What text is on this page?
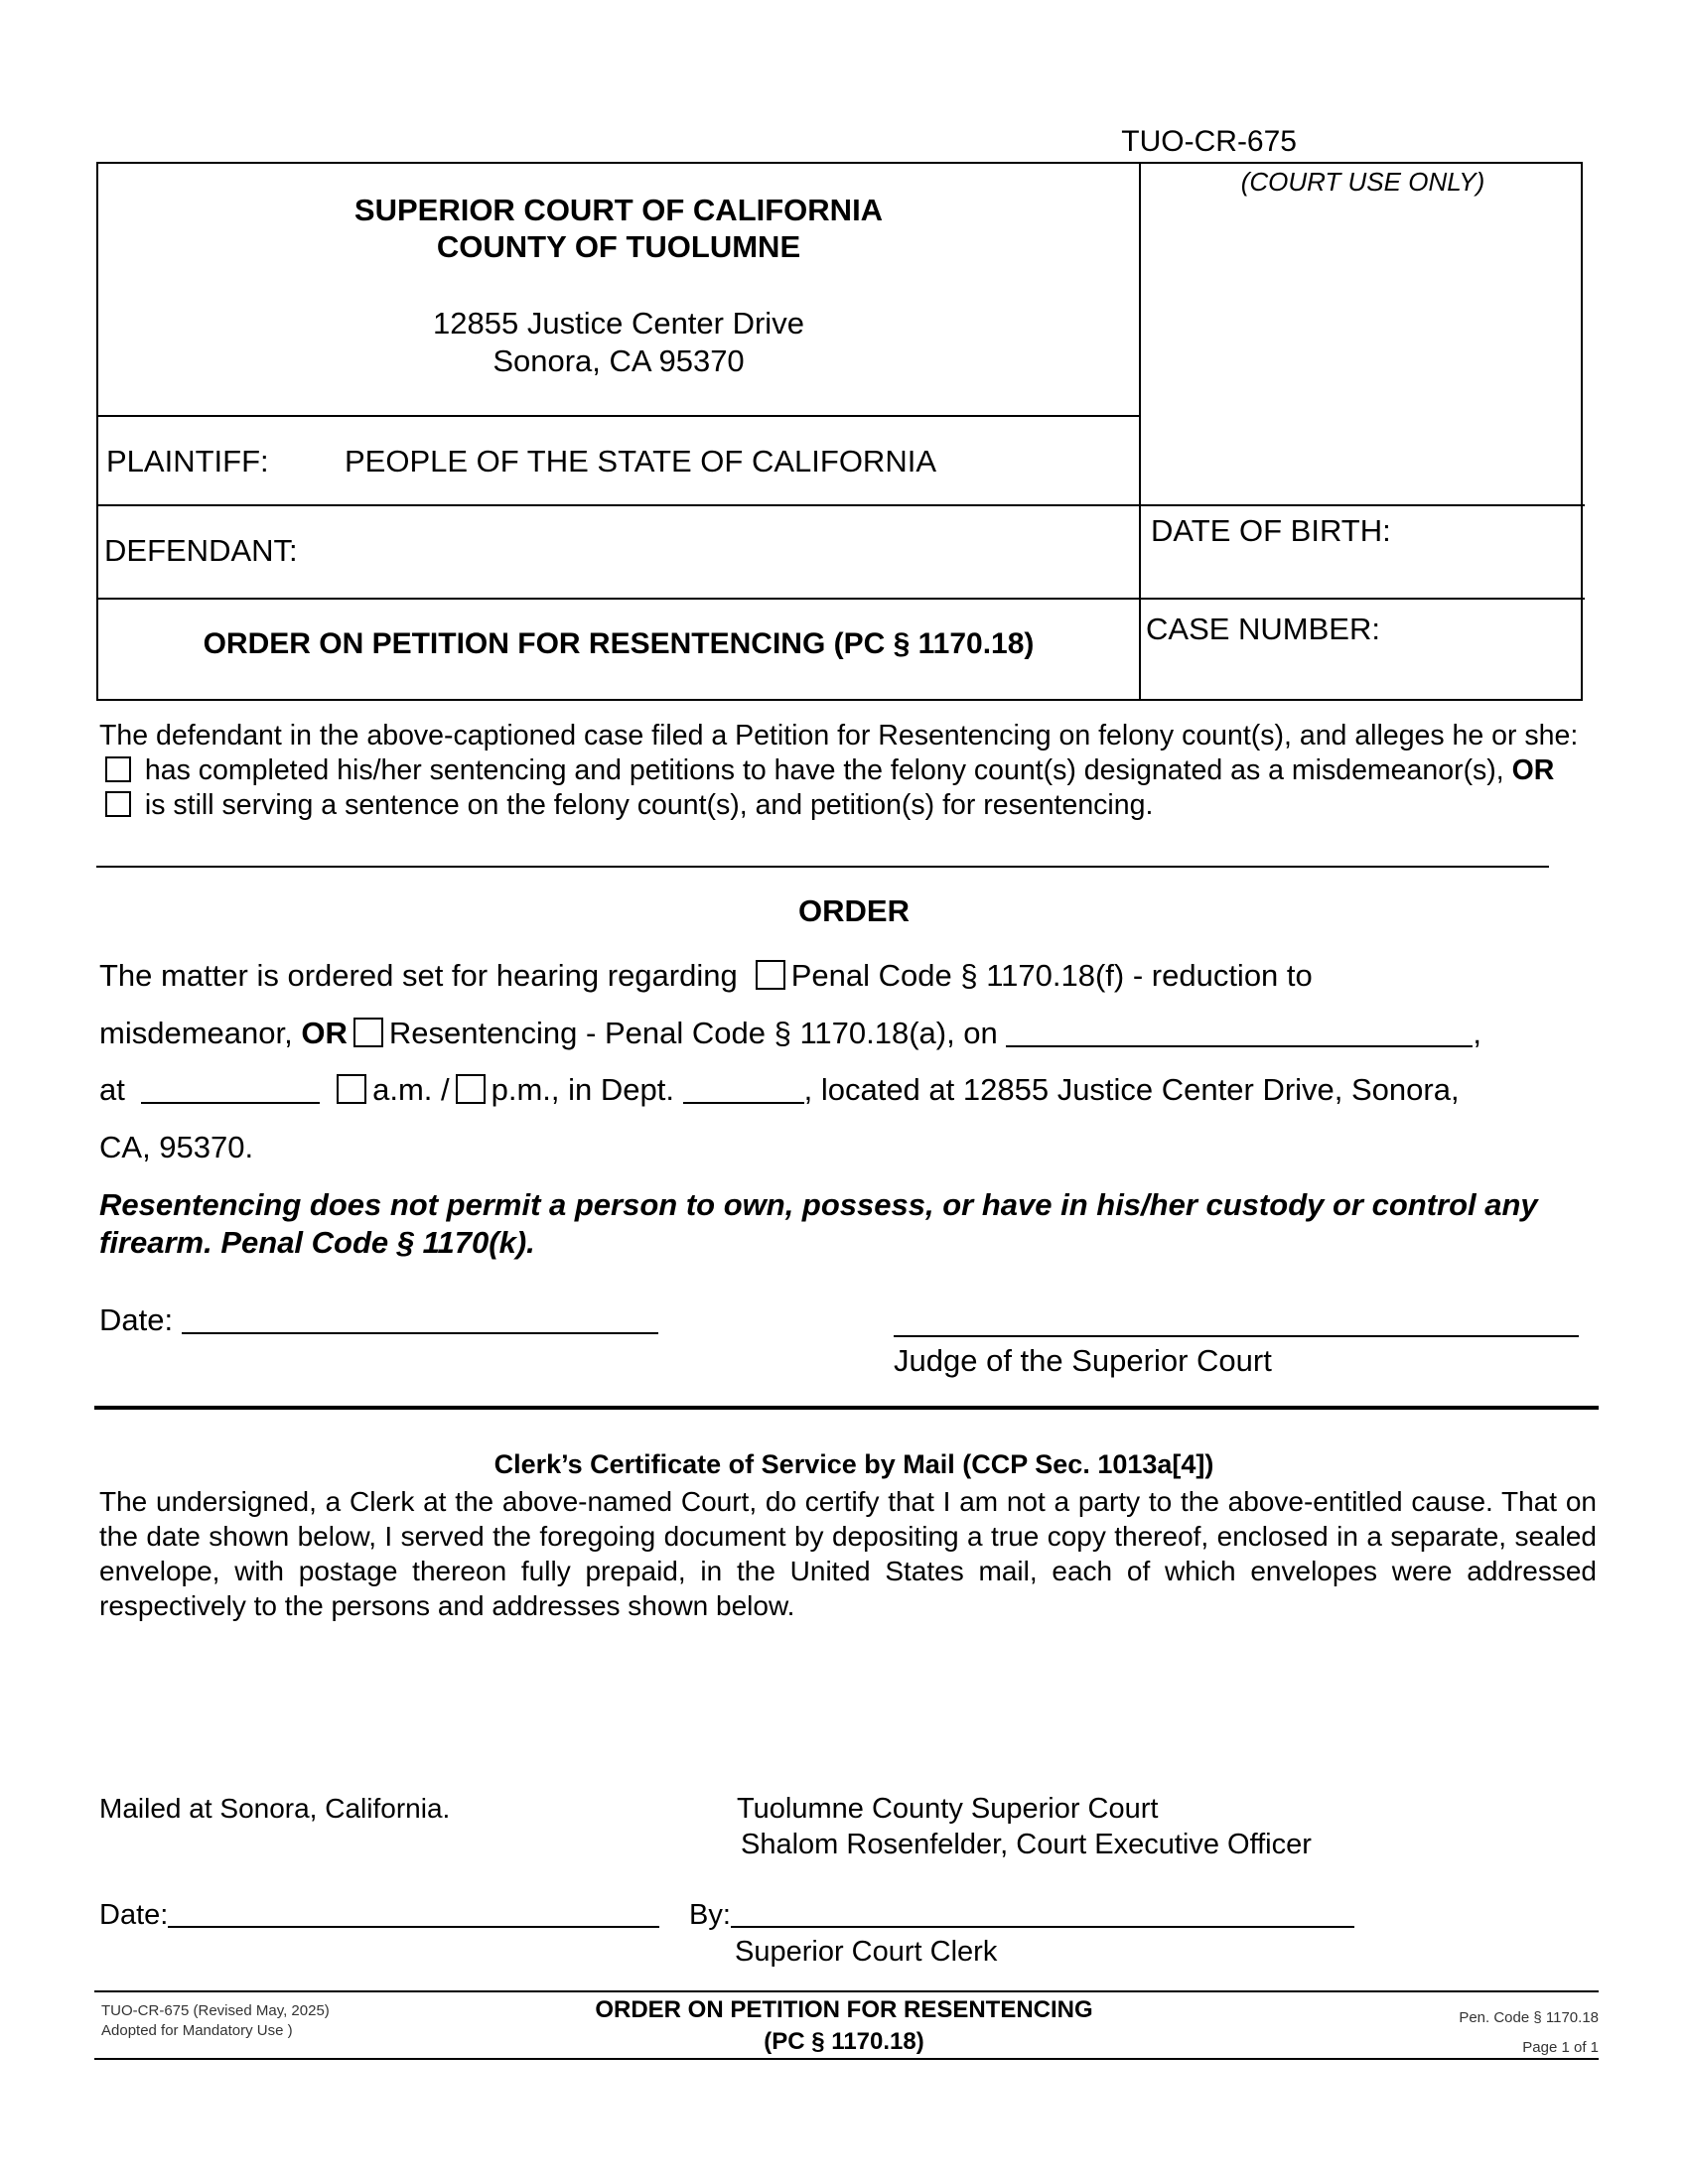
TUO-CR-675
SUPERIOR COURT OF CALIFORNIA
COUNTY OF TUOLUMNE
12855 Justice Center Drive
Sonora, CA 95370
(COURT USE ONLY)
PLAINTIFF: PEOPLE OF THE STATE OF CALIFORNIA
DEFENDANT:
DATE OF BIRTH:
ORDER ON PETITION FOR RESENTENCING (PC § 1170.18)	CASE NUMBER:
The defendant in the above-captioned case filed a Petition for Resentencing on felony count(s), and alleges he or she: has completed his/her sentencing and petitions to have the felony count(s) designated as a misdemeanor(s), OR is still serving a sentence on the felony count(s), and petition(s) for resentencing.
ORDER
The matter is ordered set for hearing regarding Penal Code § 1170.18(f) - reduction to
misdemeanor, OR Resentencing - Penal Code § 1170.18(a), on	,
at	a.m. / p.m., in Dept.	, located at 12855 Justice Center Drive, Sonora,
CA, 95370.
Resentencing does not permit a person to own, possess, or have in his/her custody or control any firearm. Penal Code § 1170(k).
Date:
Judge of the Superior Court
Clerk’s Certificate of Service by Mail (CCP Sec. 1013a[4])
The undersigned, a Clerk at the above-named Court, do certify that I am not a party to the above-entitled cause. That on the date shown below, I served the foregoing document by depositing a true copy thereof, enclosed in a separate, sealed envelope, with postage thereon fully prepaid, in the United States mail, each of which envelopes were addressed respectively to the persons and addresses shown below.
Mailed at Sonora, California.	Tuolumne County Superior Court
Shalom Rosenfelder, Court Executive Officer
Date:	By:
Superior Court Clerk
TUO-CR-675 (Revised May, 2025)
Adopted for Mandatory Use )
ORDER ON PETITION FOR RESENTENCING
(PC § 1170.18)
Pen. Code § 1170.18
Page 1 of 1
